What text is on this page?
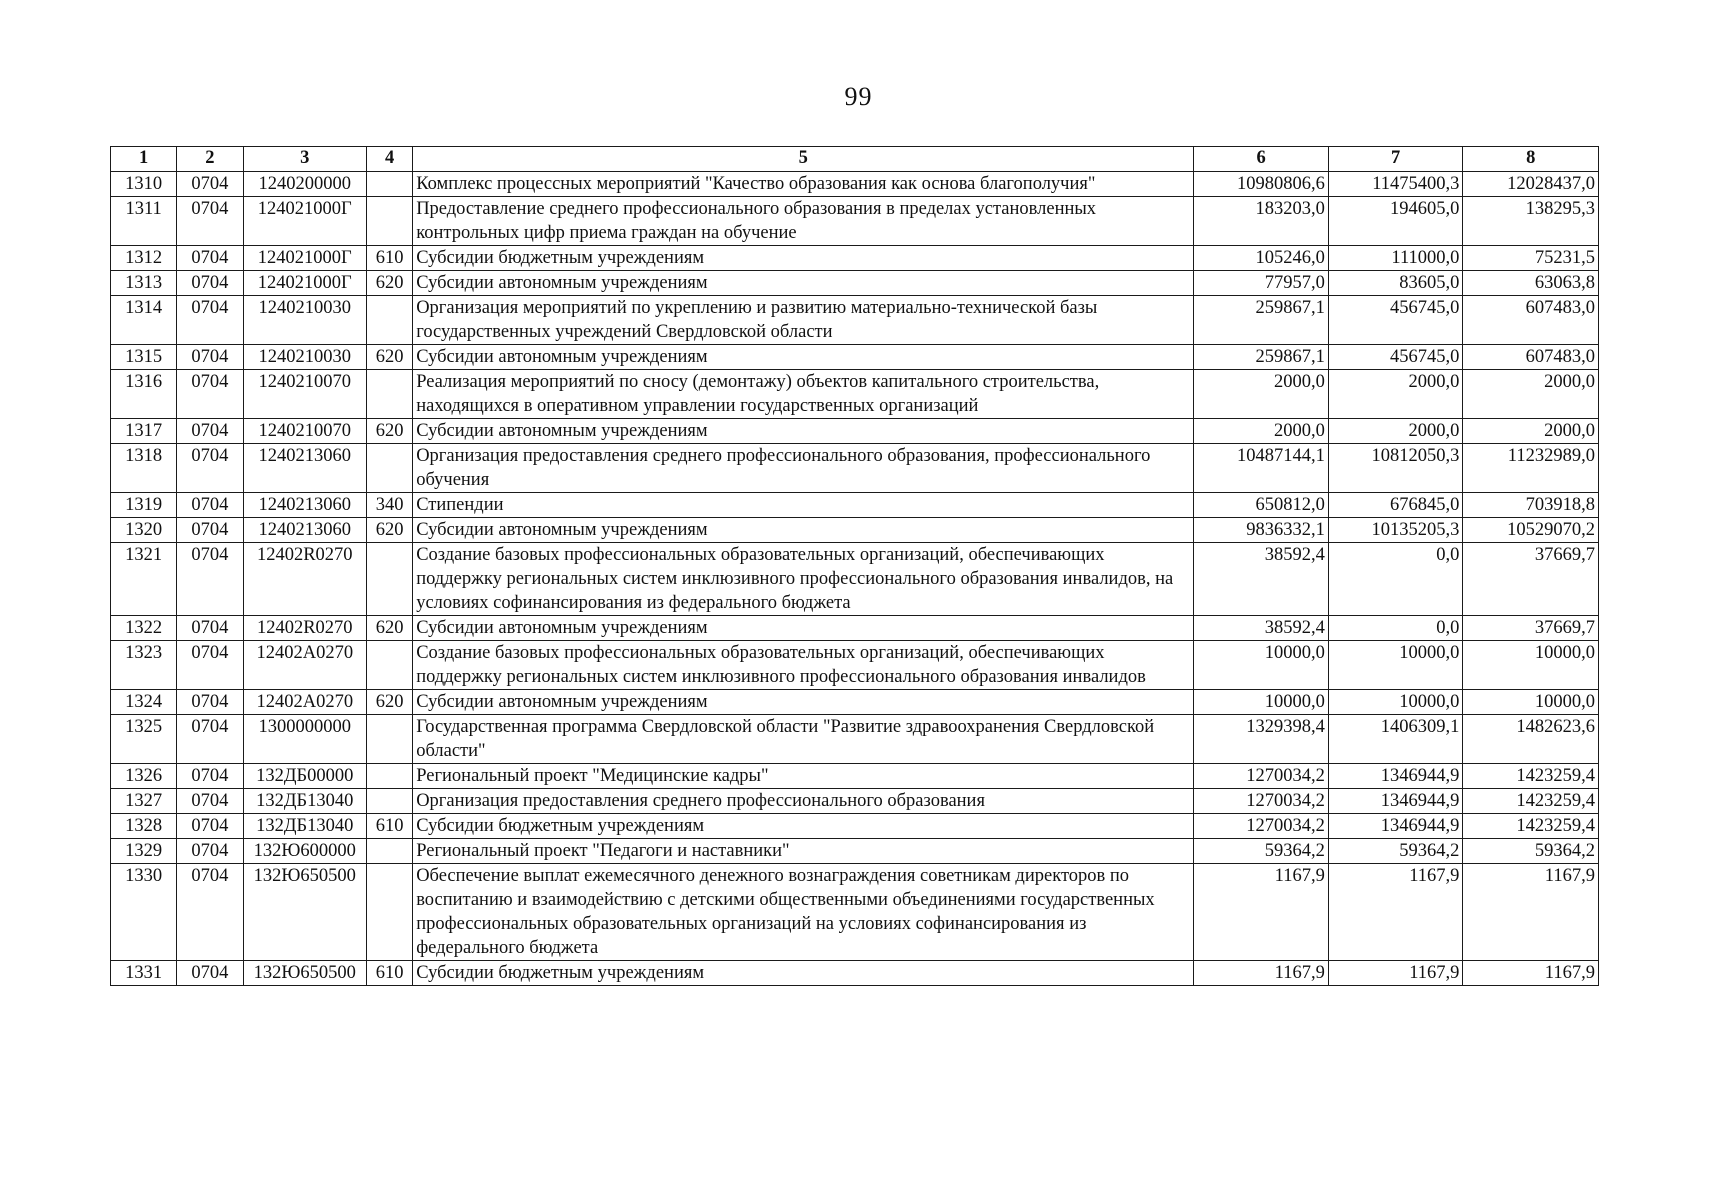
99
1	2	3	4	5	6	7	8
1310	0704	1240200000		Комплекс процессных мероприятий "Качество образования как основа благополучия"	10980806,6	11475400,3	12028437,0
1311	0704	124021000Г		Предоставление среднего профессионального образования в пределах установленных контрольных цифр приема граждан на обучение	183203,0	194605,0	138295,3
1312	0704	124021000Г	610	Субсидии бюджетным учреждениям	105246,0	111000,0	75231,5
1313	0704	124021000Г	620	Субсидии автономным учреждениям	77957,0	83605,0	63063,8
1314	0704	1240210030		Организация мероприятий по укреплению и развитию материально-технической базы государственных учреждений Свердловской области	259867,1	456745,0	607483,0
1315	0704	1240210030	620	Субсидии автономным учреждениям	259867,1	456745,0	607483,0
1316	0704	1240210070		Реализация мероприятий по сносу (демонтажу) объектов капитального строительства, находящихся в оперативном управлении государственных организаций	2000,0	2000,0	2000,0
1317	0704	1240210070	620	Субсидии автономным учреждениям	2000,0	2000,0	2000,0
1318	0704	1240213060		Организация предоставления среднего профессионального образования, профессионального обучения	10487144,1	10812050,3	11232989,0
1319	0704	1240213060	340	Стипендии	650812,0	676845,0	703918,8
1320	0704	1240213060	620	Субсидии автономным учреждениям	9836332,1	10135205,3	10529070,2
1321	0704	12402R0270		Создание базовых профессиональных образовательных организаций, обеспечивающих поддержку региональных систем инклюзивного профессионального образования инвалидов, на условиях софинансирования из федерального бюджета	38592,4	0,0	37669,7
1322	0704	12402R0270	620	Субсидии автономным учреждениям	38592,4	0,0	37669,7
1323	0704	12402A0270		Создание базовых профессиональных образовательных организаций, обеспечивающих поддержку региональных систем инклюзивного профессионального образования инвалидов	10000,0	10000,0	10000,0
1324	0704	12402A0270	620	Субсидии автономным учреждениям	10000,0	10000,0	10000,0
1325	0704	1300000000		Государственная программа Свердловской области "Развитие здравоохранения Свердловской области"	1329398,4	1406309,1	1482623,6
1326	0704	132ДБ00000		Региональный проект "Медицинские кадры"	1270034,2	1346944,9	1423259,4
1327	0704	132ДБ13040		Организация предоставления среднего профессионального образования	1270034,2	1346944,9	1423259,4
1328	0704	132ДБ13040	610	Субсидии бюджетным учреждениям	1270034,2	1346944,9	1423259,4
1329	0704	132Ю600000		Региональный проект "Педагоги и наставники"	59364,2	59364,2	59364,2
1330	0704	132Ю650500		Обеспечение выплат ежемесячного денежного вознаграждения советникам директоров по воспитанию и взаимодействию с детскими общественными объединениями государственных профессиональных образовательных организаций на условиях софинансирования из федерального бюджета	1167,9	1167,9	1167,9
1331	0704	132Ю650500	610	Субсидии бюджетным учреждениям	1167,9	1167,9	1167,9
